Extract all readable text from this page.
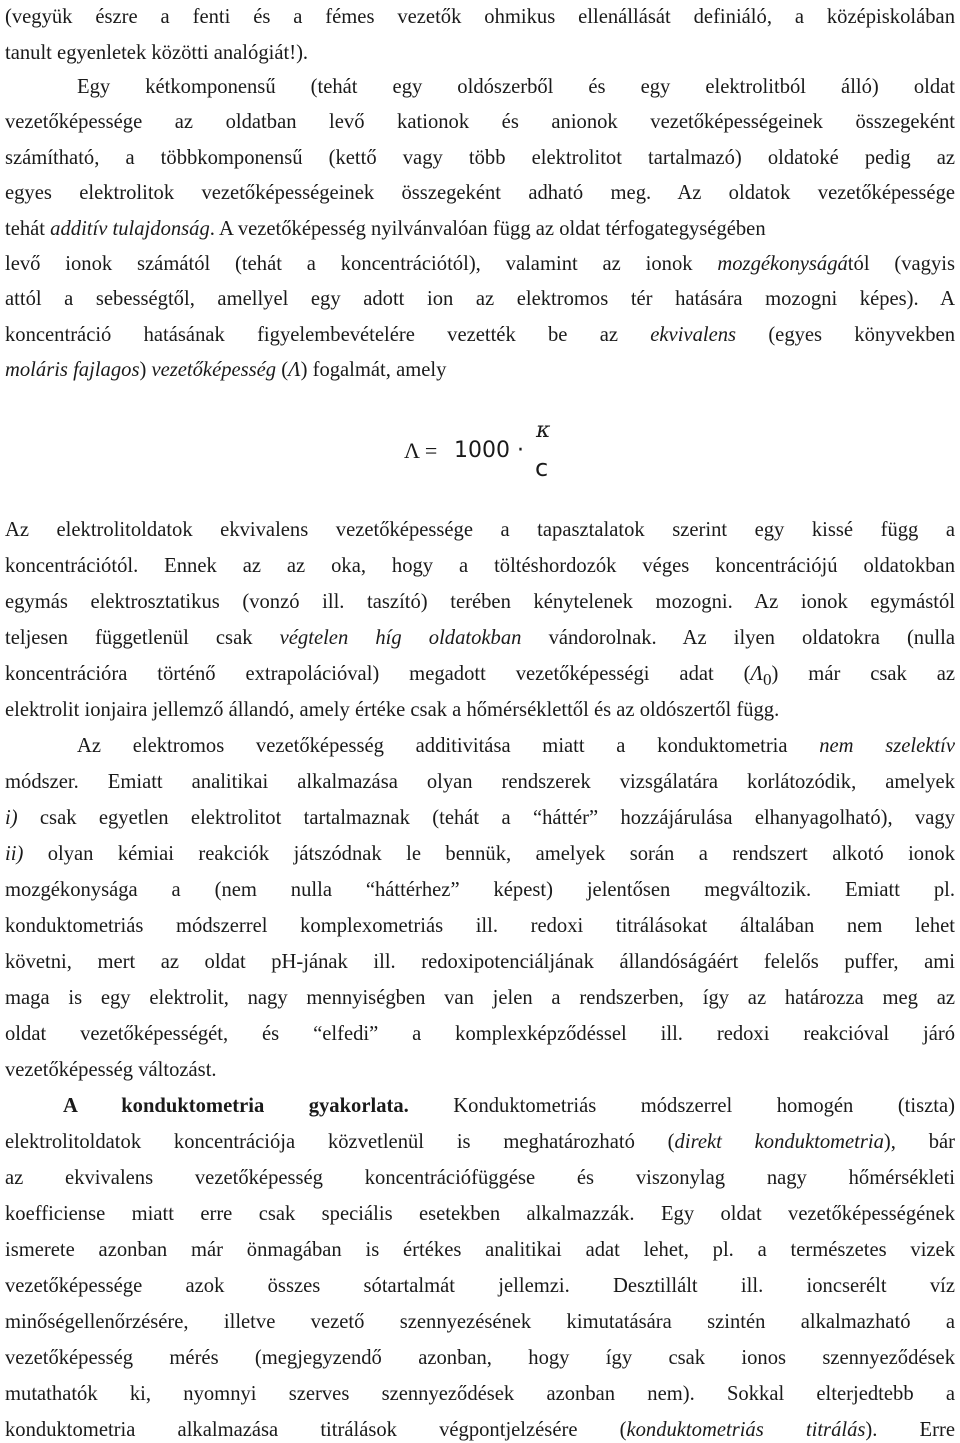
Λ = 1000 ·
κ
c
(vegyük észre a fenti és a fémes vezetők ohmikus ellenállását definiáló, a középiskolában
tanult egyenletek közötti analógiát!).
Egy kétkomponensű (tehát egy oldószerből és egy elektrolitból álló) oldat
vezetőképessége az oldatban levő kationok és anionok vezetőképességeinek összegeként
számítható, a többkomponensű (kettő vagy több elektrolitot tartalmazó) oldatoké pedig az
egyes elektrolitok vezetőképességeinek összegeként adható meg. Az oldatok vezetőképessége
tehát additív tulajdonság. A vezetőképesség nyilvánvalóan függ az oldat térfogategységében
levő ionok számától (tehát a koncentrációtól), valamint az ionok mozgékonyságától (vagyis
attól a sebességtől, amellyel egy adott ion az elektromos tér hatására mozogni képes). A
koncentráció hatásának figyelembevételére vezették be az ekvivalens (egyes könyvekben
moláris fajlagos) vezetőképesség (Λ) fogalmát, amely
Az elektrolitoldatok ekvivalens vezetőképessége a tapasztalatok szerint egy kissé függ a
koncentrációtól. Ennek az az oka, hogy a töltéshordozók véges koncentrációjú oldatokban
egymás elektrosztatikus (vonzó ill. taszító) terében kénytelenek mozogni. Az ionok egymástól
teljesen függetlenül csak végtelen híg oldatokban vándorolnak. Az ilyen oldatokra (nulla
koncentrációra történő extrapolációval) megadott vezetőképességi adat $(\Lambda_0)$ már csak az
elektrolit ionjaira jellemző állandó, amely értéke csak a hőmérséklettől és az oldószertől függ.
Az elektromos vezetőképesség additivitása miatt a konduktometria nem szelektív
módszer. Emiatt analitikai alkalmazása olyan rendszerek vizsgálatára korlátozódik, amelyek
i) csak egyetlen elektrolitot tartalmaznak (tehát a “háttér” hozzájárulása elhanyagolható), vagy
ii) olyan kémiai reakciók játszódnak le bennük, amelyek során a rendszert alkotó ionok
mozgékonysága a (nem nulla “háttérhez” képest) jelentősen megváltozik. Emiatt pl.
konduktometriás módszerrel komplexometriás ill. redoxi titrálásokat általában nem lehet
követni, mert az oldat pH-jának ill. redoxipotenciáljának állandóságáért felelős puffer, ami
maga is egy elektrolit, nagy mennyiségben van jelen a rendszerben, így az határozza meg az
oldat vezetőképességét, és “elfedi” a komplexképződéssel ill. redoxi reakcióval járó
vezetőképesség változást.
A konduktometria gyakorlata. Konduktometriás módszerrel homogén (tiszta)
elektrolitoldatok koncentrációja közvetlenül is meghatározható (direkt konduktometria), bár
az ekvivalens vezetőképesség koncentrációfüggése és viszonylag nagy hőmérsékleti
koefficiense miatt erre csak speciális esetekben alkalmazzák. Egy oldat vezetőképességének
ismerete azonban már önmagában is értékes analitikai adat lehet, pl. a természetes vizek
vezetőképessége azok összes sótartalmát jellemzi. Desztillált ill. ioncserélt víz
minőségellenőrzésére, illetve vezető szennyezésének kimutatására szintén alkalmazható a
vezetőképesség mérés (megjegyzendő azonban, hogy így csak ionos szennyeződések
mutathatók ki, nyomnyi szerves szennyeződések azonban nem). Sokkal elterjedtebb a
konduktometria alkalmazása titrálások végpontjelzésére (konduktometriás titrálás). Erre
